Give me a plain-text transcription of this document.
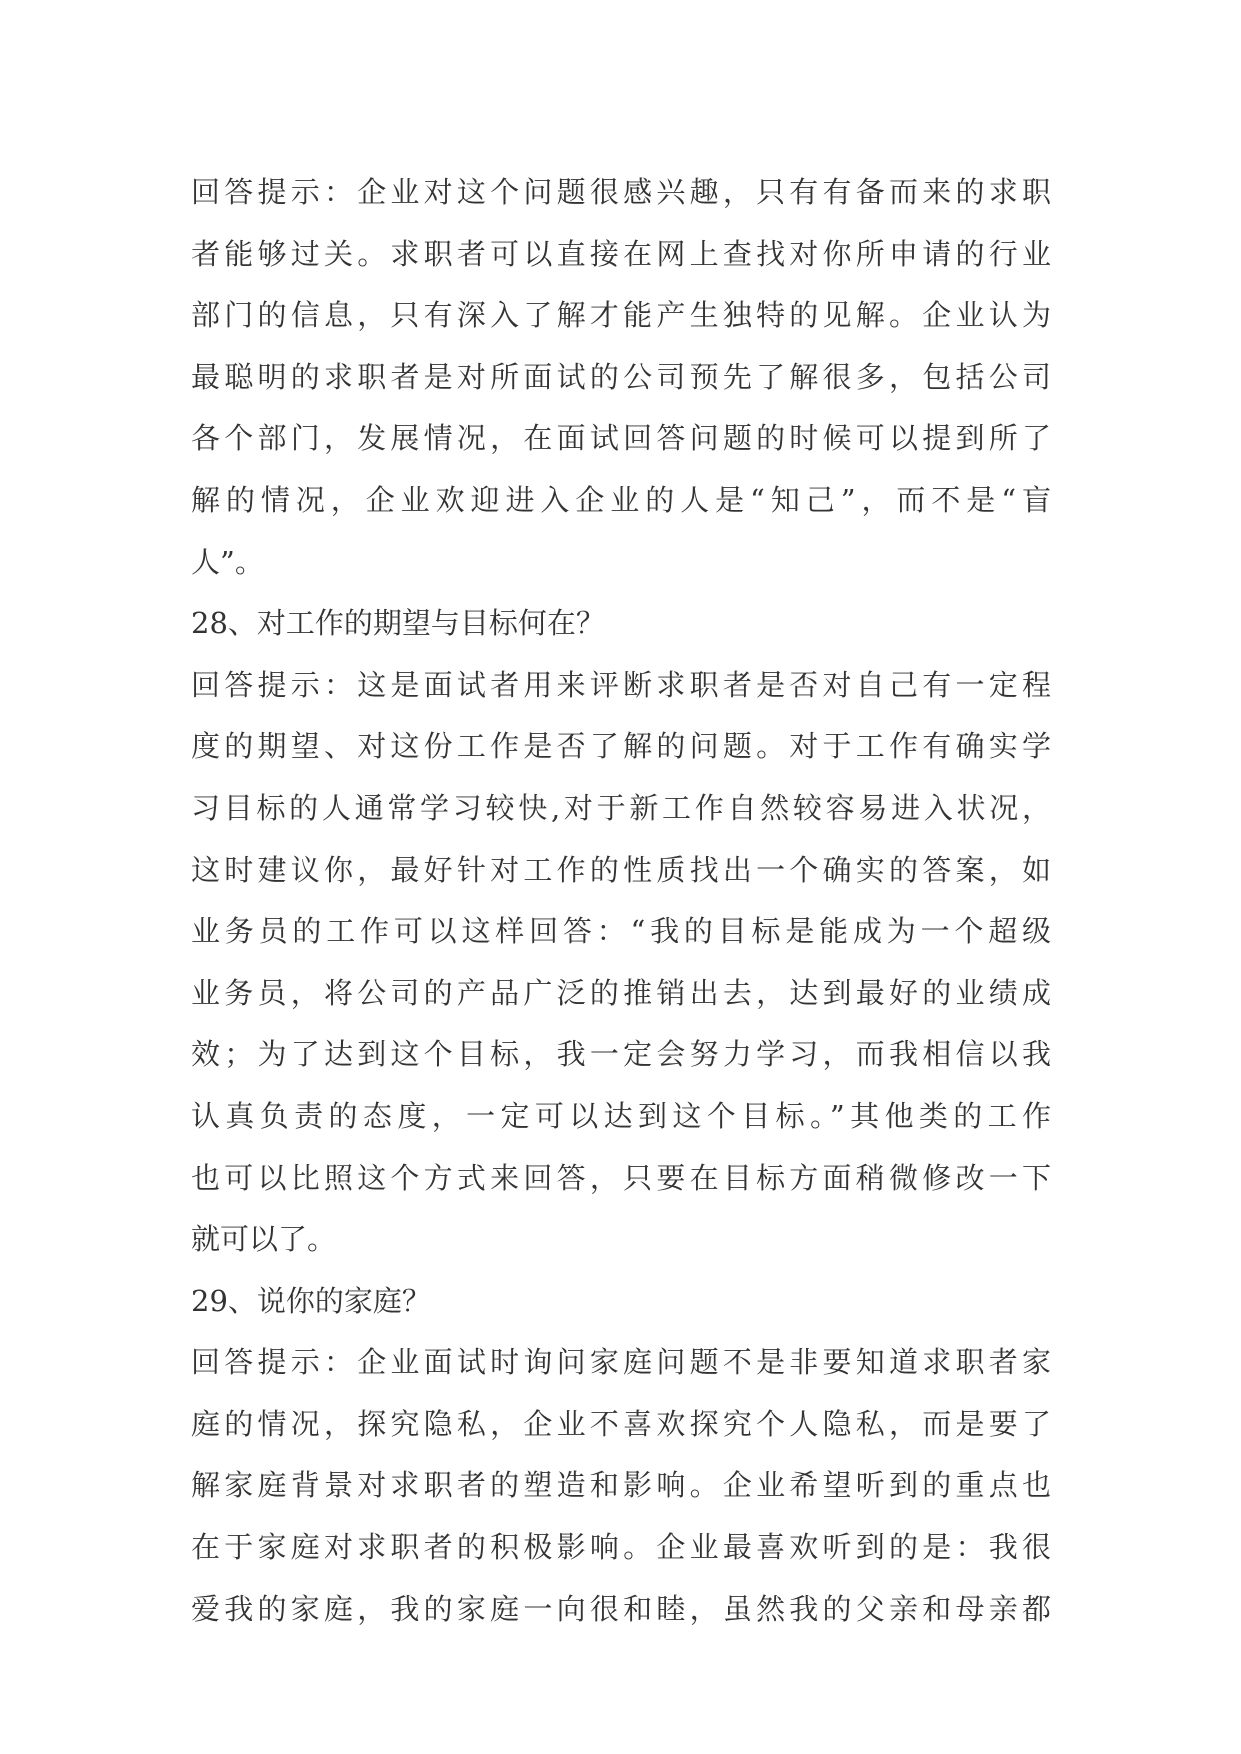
回答提示：企业对这个问题很感兴趣，只有有备而来的求职
者能够过关。求职者可以直接在网上查找对你所申请的行业
部门的信息，只有深入了解才能产生独特的见解。企业认为
最聪明的求职者是对所面试的公司预先了解很多，包括公司
各个部门，发展情况，在面试回答问题的时候可以提到所了
解的情况，企业欢迎进入企业的人是“知己”，而不是“盲
人”。
28、对工作的期望与目标何在？
回答提示：这是面试者用来评断求职者是否对自己有一定程
度的期望、对这份工作是否了解的问题。对于工作有确实学
习目标的人通常学习较快,对于新工作自然较容易进入状况，
这时建议你，最好针对工作的性质找出一个确实的答案，如
业务员的工作可以这样回答：“我的目标是能成为一个超级
业务员，将公司的产品广泛的推销出去，达到最好的业绩成
效；为了达到这个目标，我一定会努力学习，而我相信以我
认真负责的态度，一定可以达到这个目标。”其他类的工作
也可以比照这个方式来回答，只要在目标方面稍微修改一下
就可以了。
29、说你的家庭？
回答提示：企业面试时询问家庭问题不是非要知道求职者家
庭的情况，探究隐私，企业不喜欢探究个人隐私，而是要了
解家庭背景对求职者的塑造和影响。企业希望听到的重点也
在于家庭对求职者的积极影响。企业最喜欢听到的是：我很
爱我的家庭，我的家庭一向很和睦，虽然我的父亲和母亲都
